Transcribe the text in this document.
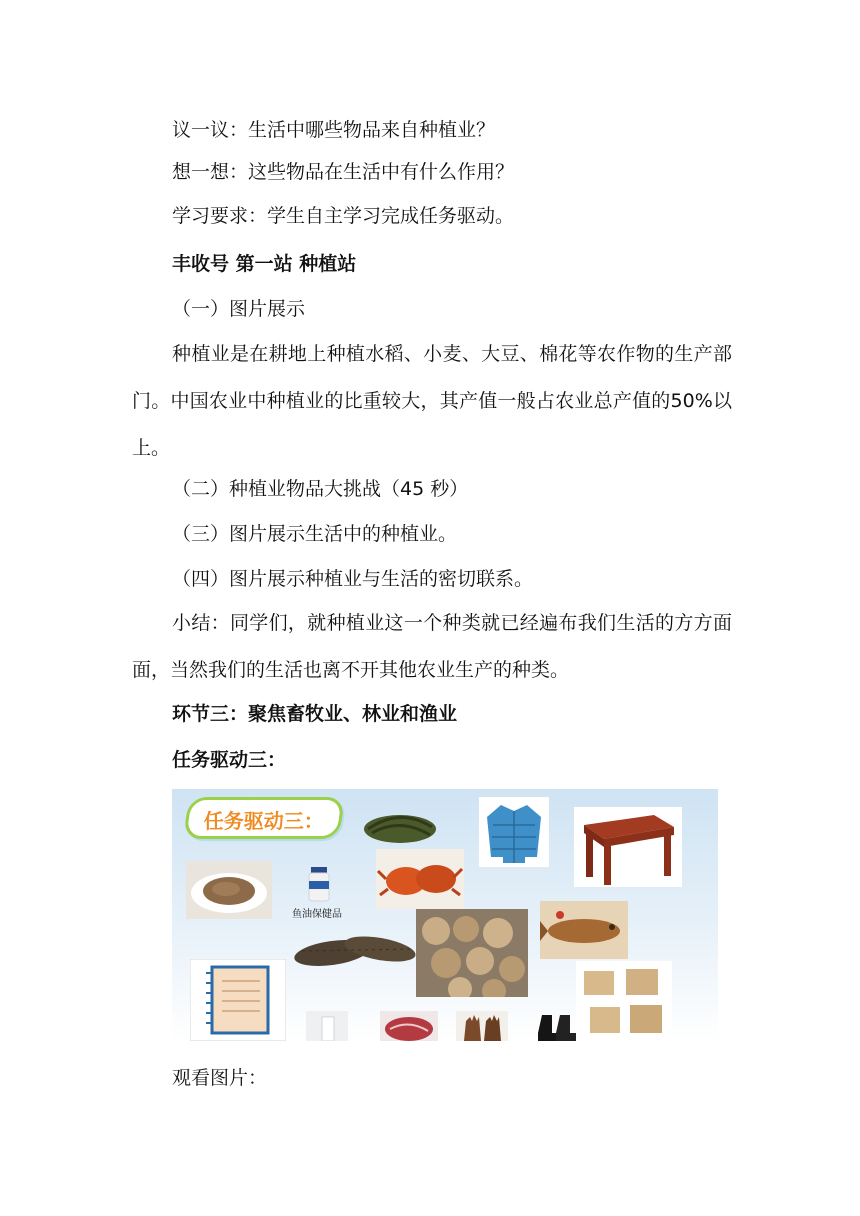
议一议：生活中哪些物品来自种植业？
想一想：这些物品在生活中有什么作用？
学习要求：学生自主学习完成任务驱动。
丰收号 第一站 种植站
（一）图片展示
种植业是在耕地上种植水稻、小麦、大豆、棉花等农作物的生产部门。中国农业中种植业的比重较大，其产值一般占农业总产值的50%以上。
（二）种植业物品大挑战（45 秒）
（三）图片展示生活中的种植业。
（四）图片展示种植业与生活的密切联系。
小结：同学们，就种植业这一个种类就已经遍布我们生活的方方面面，当然我们的生活也离不开其他农业生产的种类。
环节三：聚焦畜牧业、林业和渔业
任务驱动三：
任务驱动三：
鱼油保健品
观看图片：
